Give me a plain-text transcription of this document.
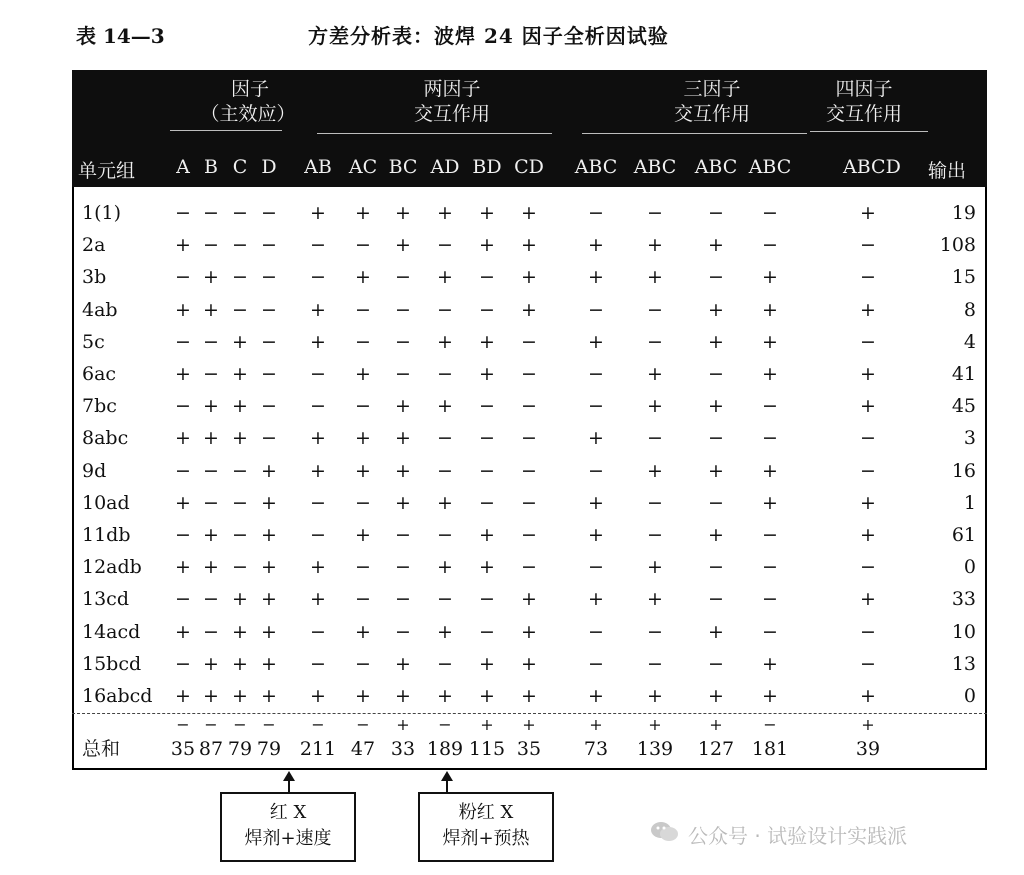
表 14—3	方差分析表：波焊 24 因子全析因试验
因子
（主效应）
两因子
交互作用
三因子
交互作用
四因子
交互作用
单元组	A B C D	AB AC BC AD BD CD	ABC ABC ABC ABC	ABCD 输出
1(1)	− − − − + + + + + +	− − − −	+	19
2a	+ − − − − − + − + +	+ + + −	−	108
3b	− + − − − + − + − +	+ + − +	−	15
4ab	+ + − − + − − − − +	− − + +	+	8
5c	− − + − + − − + + −	+ − + +	−	4
6ac	+ − + − − + − − + −	− + − +	+	41
7bc	− + + − − − + + − −	− + + −	+	45
8abc + + + − + + + − − −	+ − − −	−	3
9d	− − − + + + + − − −	− + + +	−	16
10ad + − − + − − + + − −	+ − − +	+	1
11db − + − + − + − − + −	+ − + −	+	61
12adb + + − + + − − + + −	− + − −	−	0
13cd − − + + + − − − − +	+ + − −	+	33
14acd + − + + − + − + − +	− − + −	−	10
15bcd − + + + − − + − + +	− − − +	−	13
16abcd + + + + + + + + + +	+ + + +	+	0
− − − −	−	−	+	−	+	+	+	+	+	−	+
总和	35 87 79 79 211 47 33 189 115 35	73	139	127 181	39
红 X
焊剂+速度
粉红 X
焊剂+预热	公众号 · 试验设计实践派
